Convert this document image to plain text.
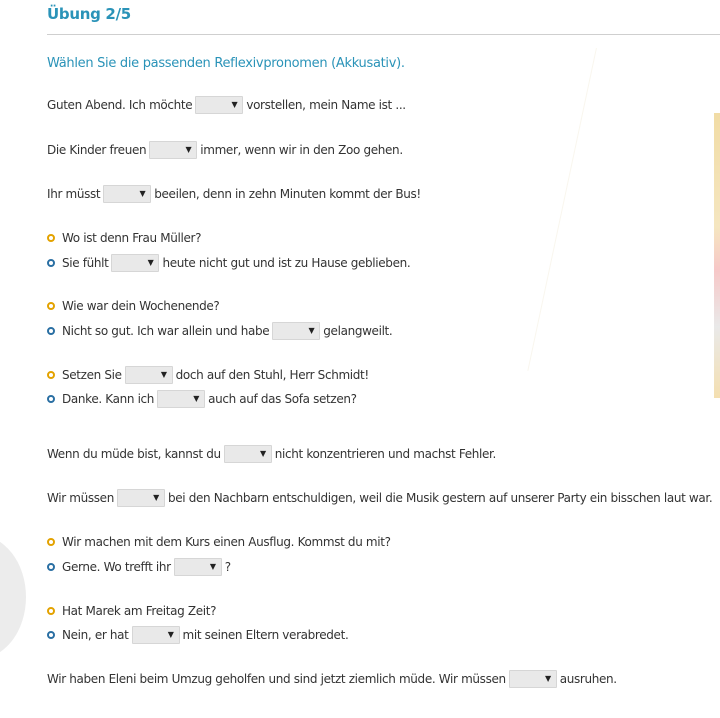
Übung 2/5
Wählen Sie die passenden Reflexivpronomen (Akkusativ).
Guten Abend. Ich möchte	▼ vorstellen, mein Name ist ...
Die Kinder freuen	▼ immer, wenn wir in den Zoo gehen.
Ihr müsst	▼ beeilen, denn in zehn Minuten kommt der Bus!
Wo ist denn Frau Müller?
Sie fühlt	▼ heute nicht gut und ist zu Hause geblieben.
Wie war dein Wochenende?
Nicht so gut. Ich war allein und habe	▼ gelangweilt.
Setzen Sie	▼ doch auf den Stuhl, Herr Schmidt!
Danke. Kann ich	▼ auch auf das Sofa setzen?
Wenn du müde bist, kannst du	▼ nicht konzentrieren und machst Fehler.
Wir müssen	▼ bei den Nachbarn entschuldigen, weil die Musik gestern auf unserer Party ein bisschen laut war.
Wir machen mit dem Kurs einen Ausflug. Kommst du mit?
Gerne. Wo trefft ihr	▼ ?
Hat Marek am Freitag Zeit?
Nein, er hat	▼ mit seinen Eltern verabredet.
Wir haben Eleni beim Umzug geholfen und sind jetzt ziemlich müde. Wir müssen	▼ ausruhen.
